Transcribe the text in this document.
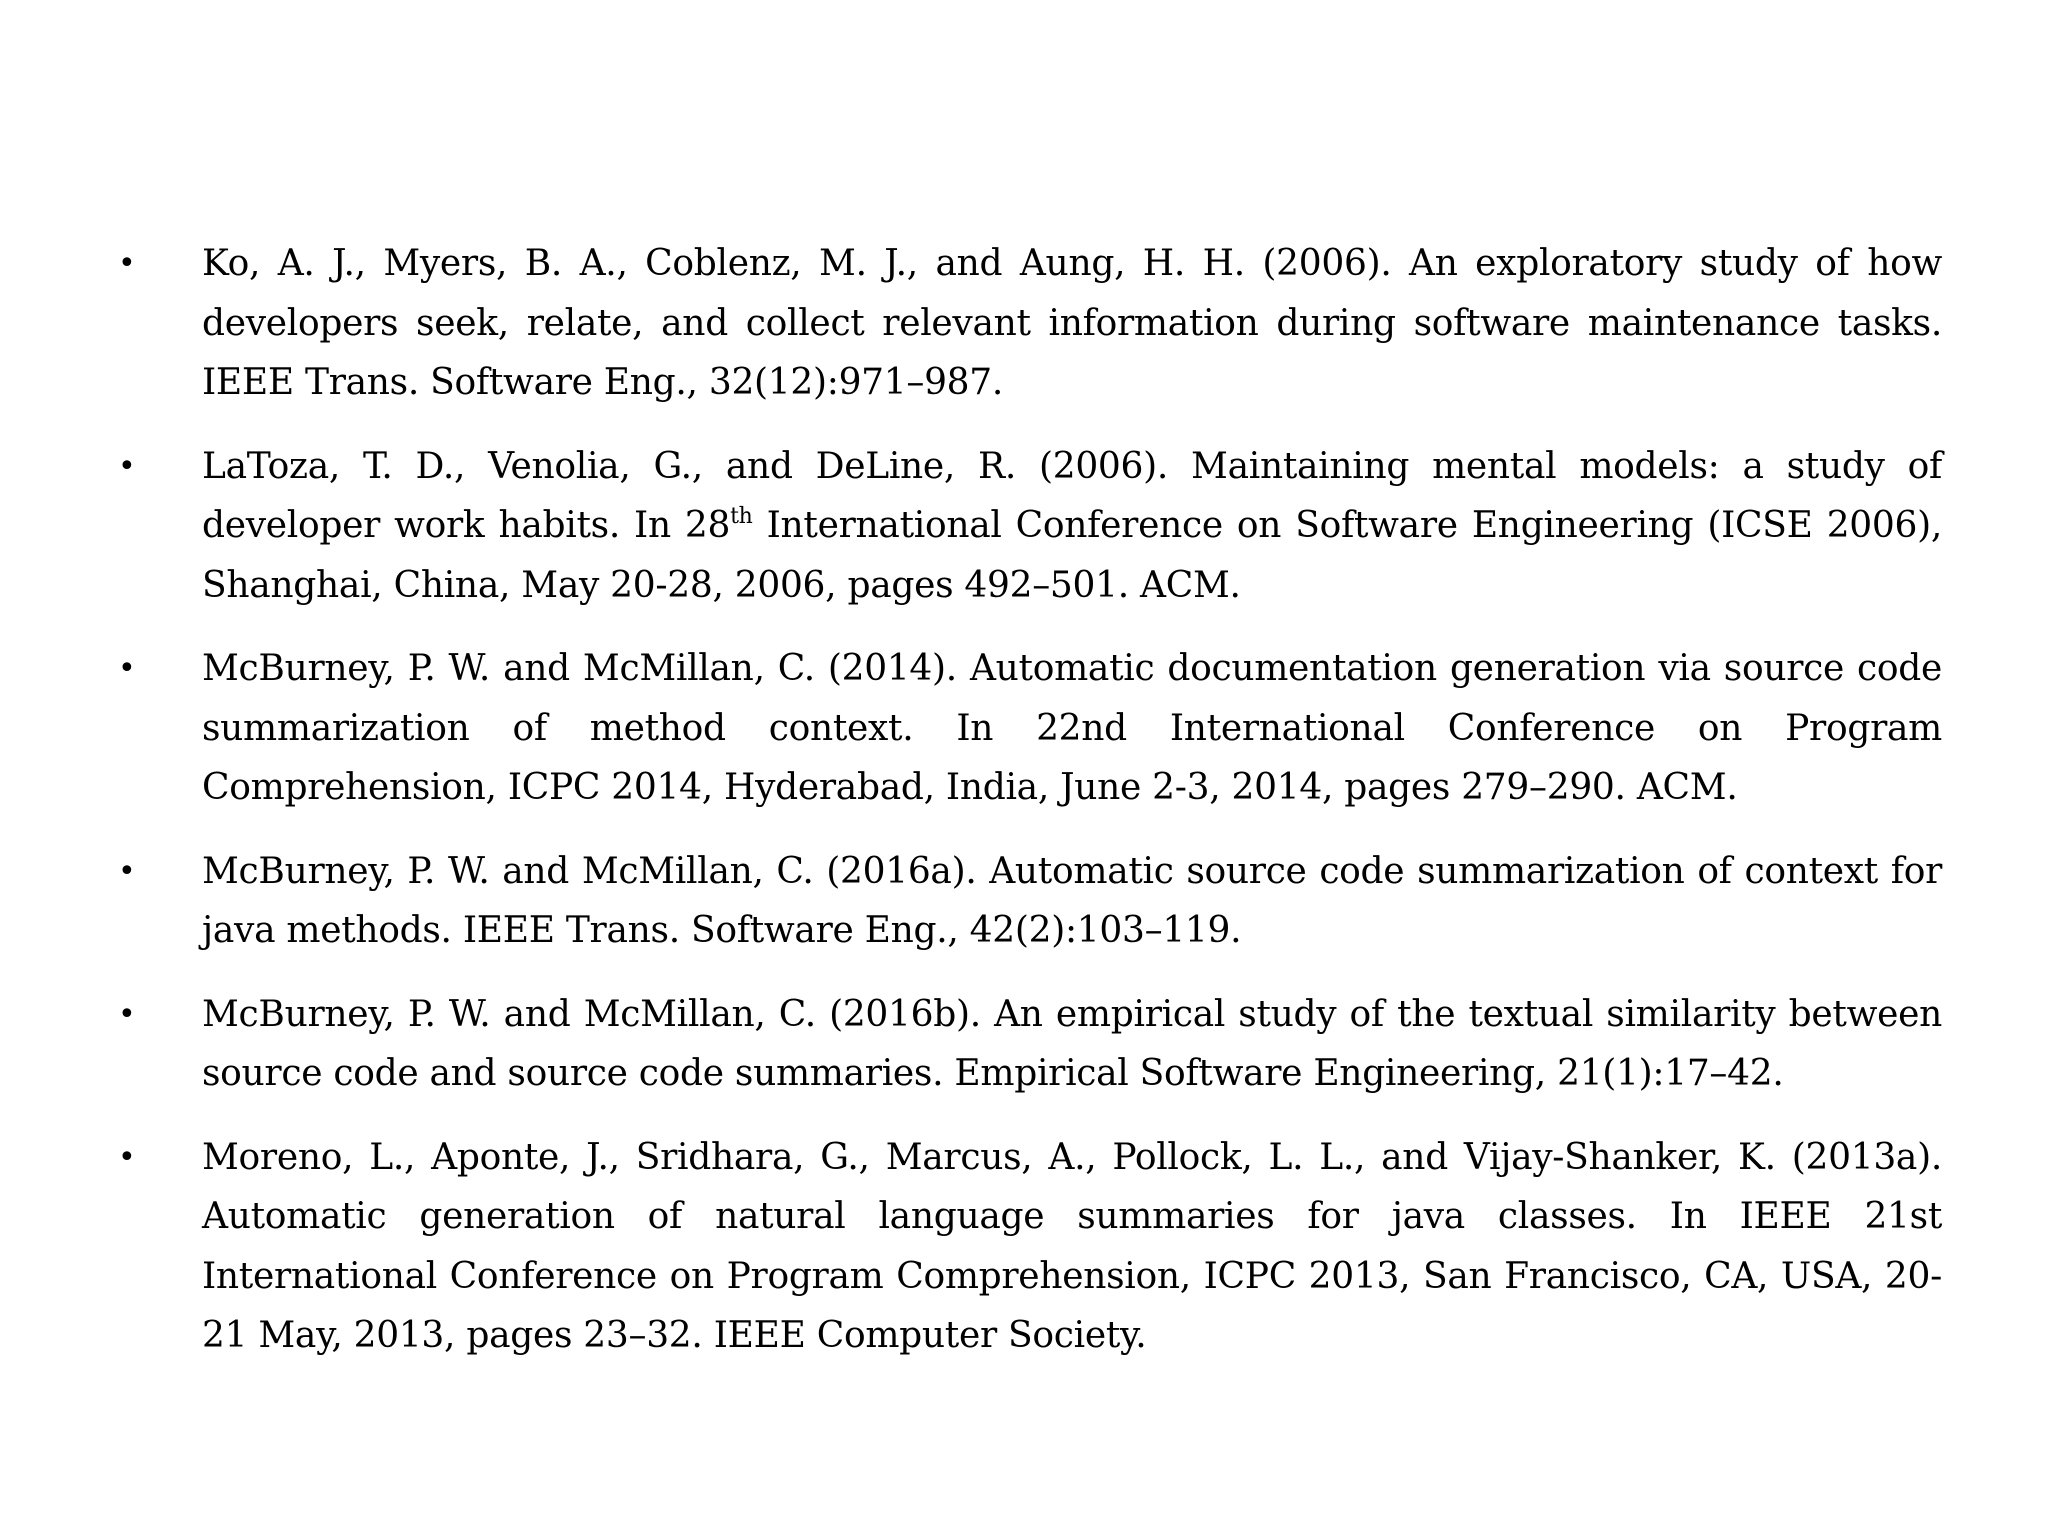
•	Ko, A. J., Myers, B. A., Coblenz, M. J., and Aung, H. H. (2006). An exploratory study of how developers seek, relate, and collect relevant information during software maintenance tasks. IEEE Trans. Software Eng., 32(12):971–987.
•	LaToza, T. D., Venolia, G., and DeLine, R. (2006). Maintaining mental models: a study of developer work habits. In 28th International Conference on Software Engineering (ICSE 2006), Shanghai, China, May 20-28, 2006, pages 492–501. ACM.
•	McBurney, P. W. and McMillan, C. (2014). Automatic documentation generation via source code summarization of method context. In 22nd International Conference on Program Comprehension, ICPC 2014, Hyderabad, India, June 2-3, 2014, pages 279–290. ACM.
•	McBurney, P. W. and McMillan, C. (2016a). Automatic source code summarization of context for java methods. IEEE Trans. Software Eng., 42(2):103–119.
•	McBurney, P. W. and McMillan, C. (2016b). An empirical study of the textual similarity between source code and source code summaries. Empirical Software Engineering, 21(1):17–42.
•	Moreno, L., Aponte, J., Sridhara, G., Marcus, A., Pollock, L. L., and Vijay-Shanker, K. (2013a). Automatic generation of natural language summaries for java classes. In IEEE 21st International Conference on Program Comprehension, ICPC 2013, San Francisco, CA, USA, 20-21 May, 2013, pages 23–32. IEEE Computer Society.
